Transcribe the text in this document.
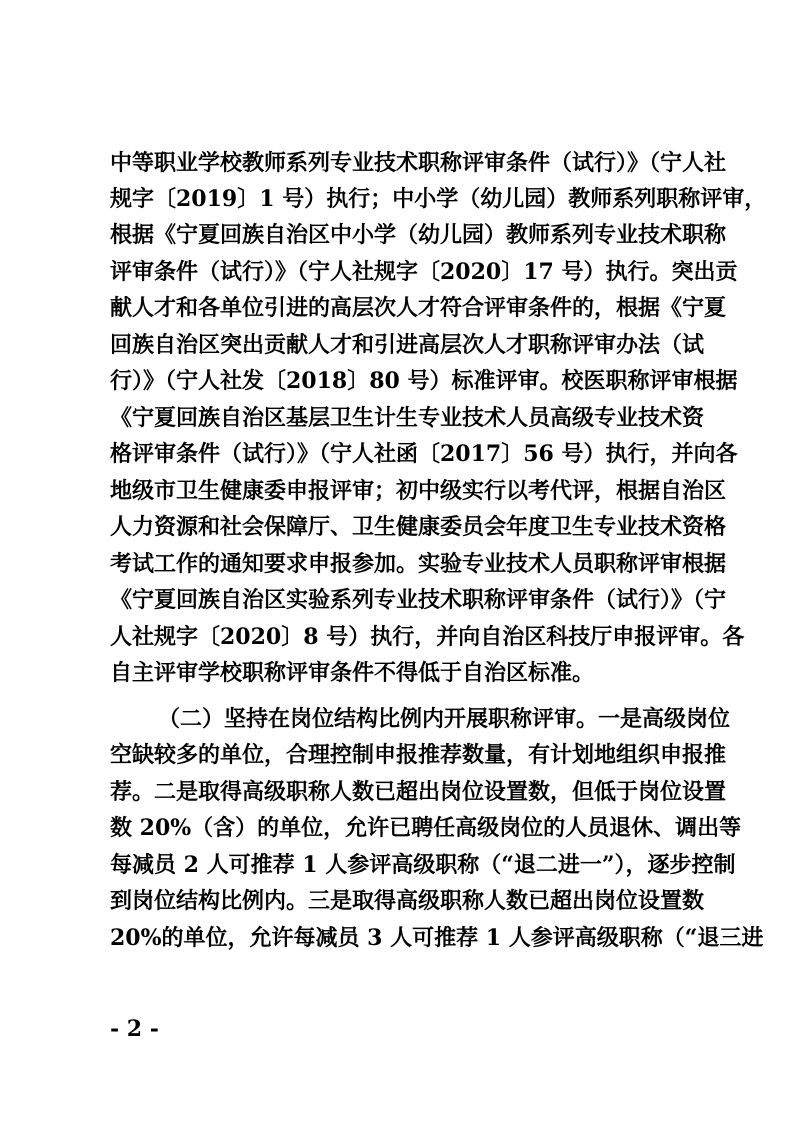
中等职业学校教师系列专业技术职称评审条件（试行）》（宁人社
规字〔2019〕1 号）执行；中小学（幼儿园）教师系列职称评审，
根据《宁夏回族自治区中小学（幼儿园）教师系列专业技术职称
评审条件（试行）》（宁人社规字〔2020〕17 号）执行。突出贡
献人才和各单位引进的高层次人才符合评审条件的，根据《宁夏
回族自治区突出贡献人才和引进高层次人才职称评审办法（试
行）》（宁人社发〔2018〕80 号）标准评审。校医职称评审根据
《宁夏回族自治区基层卫生计生专业技术人员高级专业技术资
格评审条件（试行）》（宁人社函〔2017〕56 号）执行，并向各
地级市卫生健康委申报评审；初中级实行以考代评，根据自治区
人力资源和社会保障厅、卫生健康委员会年度卫生专业技术资格
考试工作的通知要求申报参加。实验专业技术人员职称评审根据
《宁夏回族自治区实验系列专业技术职称评审条件（试行）》（宁
人社规字〔2020〕8 号）执行，并向自治区科技厅申报评审。各
自主评审学校职称评审条件不得低于自治区标准。
（二）坚持在岗位结构比例内开展职称评审。一是高级岗位
空缺较多的单位，合理控制申报推荐数量，有计划地组织申报推
荐。二是取得高级职称人数已超出岗位设置数，但低于岗位设置
数 20%（含）的单位，允许已聘任高级岗位的人员退休、调出等
每减员 2 人可推荐 1 人参评高级职称（“退二进一”），逐步控制
到岗位结构比例内。三是取得高级职称人数已超出岗位设置数
20%的单位，允许每减员 3 人可推荐 1 人参评高级职称（“退三进
- 2 -
